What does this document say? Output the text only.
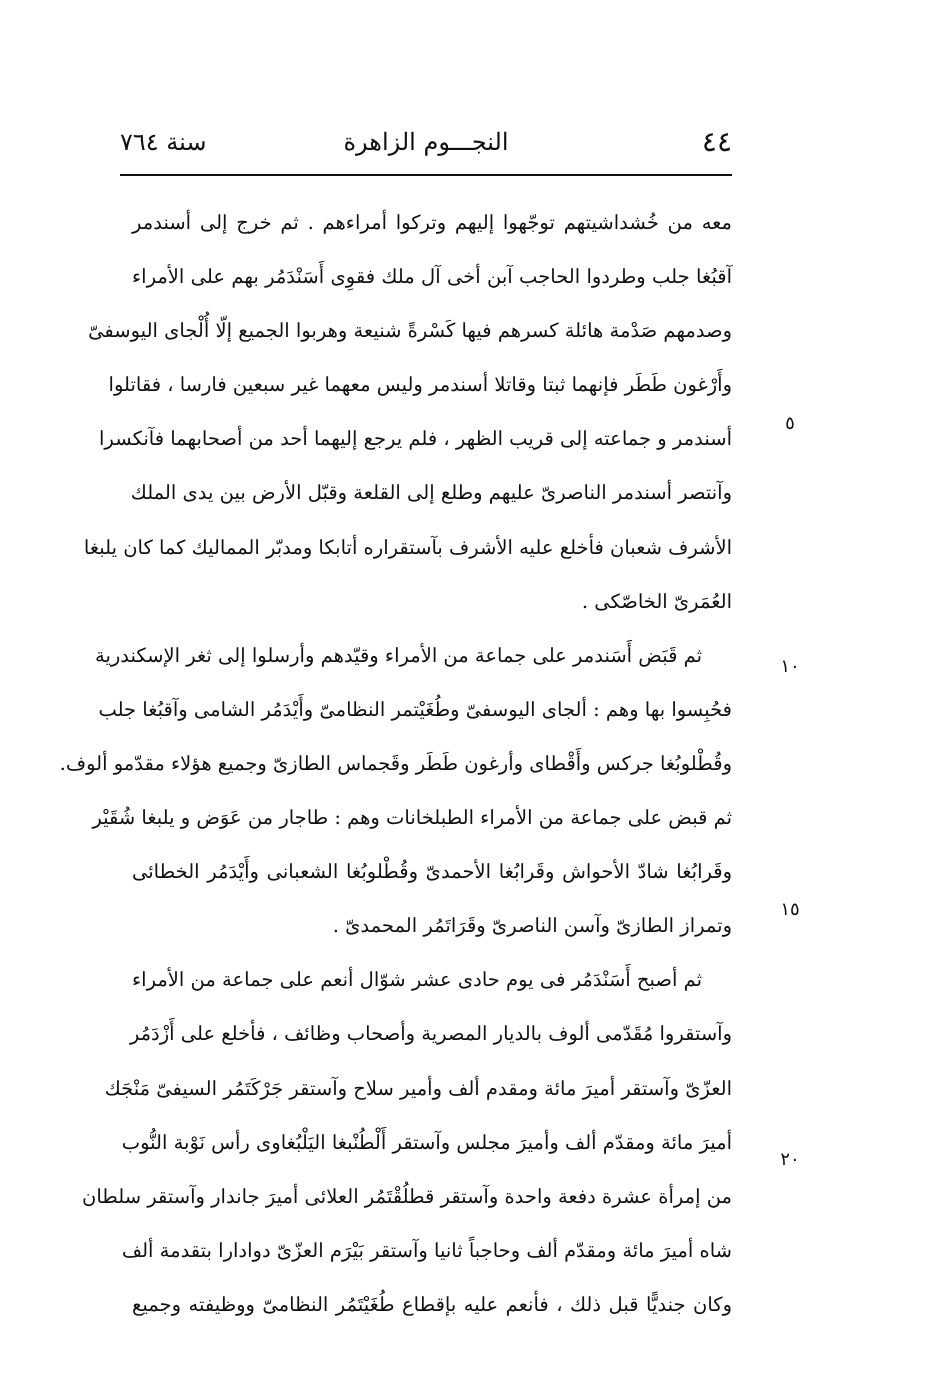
٤٤
النجـــوم الزاهرة
سنة ٧٦٤
٥
١٠
١٥
٢٠
معه من خُشداشيتهم توجّهوا إليهم وتركوا أمراءهم . ثم خرج إلى أسندمر
آقبُغا جلب وطردوا الحاجب آبن أخى آل ملك فقوِى أَسَنْدَمُر بهم على الأمراء
وصدمهم صَدْمة هائلة كسرهم فيها كَسْرةً شنيعة وهربوا الجميع إلّا أُلْجاى اليوسفىّ
وأَرْغون طَطَر فإنهما ثبتا وقاتلا أسندمر وليس معهما غير سبعين فارسا ، فقاتلوا
أسندمر و جماعته إلى قريب الظهر ، فلم يرجع إليهما أحد من أصحابهما فآنكسرا
وآنتصر أسندمر الناصرىّ عليهم وطلع إلى القلعة وقبّل الأرض بين يدى الملك
الأشرف شعبان فأخلع عليه الأشرف بآستقراره أتابكا ومدبّر المماليك كما كان يلبغا
العُمَرىّ الخاصّكى .
ثم قَبَض أَسَندمر على جماعة من الأمراء وقيّدهم وأرسلوا إلى ثغر الإسكندرية
فحُبِسوا بها وهم : ألجاى اليوسفىّ وطُغَيْتمر النظامىّ وأَيْدَمُر الشامى وآقبُغا جلب
وقُطْلوبُغا جركس وأَقْطاى وأرغون طَطَر وقَجماس الطازىّ وجميع هؤلاء مقدّمو ألوف.
ثم قبض على جماعة من الأمراء الطبلخانات وهم : طاجار من عَوَض و يلبغا شُقَيْر
وقَرابُغا شادّ الأحواش وقَرابُغا الأحمدىّ وقُطْلوبُغا الشعبانى وأَيْدَمُر الخطائى
وتمراز الطازىّ وآسن الناصرىّ وقَرَاتَمُر المحمدىّ .
ثم أصبح أَسَنْدَمُر فى يوم حادى عشر شوّال أنعم على جماعة من الأمراء
وآستقروا مُقَدّمى ألوف بالديار المصرية وأصحاب وظائف ، فأخلع على أَزْدَمُر
العزّىّ وآستقر أميرَ مائة ومقدم ألف وأمير سلاح وآستقر جَرْكَتَمُر السيفىّ مَنْجَك
أميرَ مائة ومقدّم ألف وأميرَ مجلس وآستقر أَلْطُنْبغا اليَلْبُغاوى رأس نَوْبة النُّوب
من إمرأة عشرة دفعة واحدة وآستقر قطلُقْتَمُر العلائى أميرَ جاندار وآستقر سلطان
شاه أميرَ مائة ومقدّم ألف وحاجباً ثانيا وآستقر بَيْرَم العزّىّ دوادارا بتقدمة ألف
وكان جنديًّا قبل ذلك ، فأنعم عليه بإقطاع طُغَيْتَمُر النظامىّ ووظيفته وجميع
